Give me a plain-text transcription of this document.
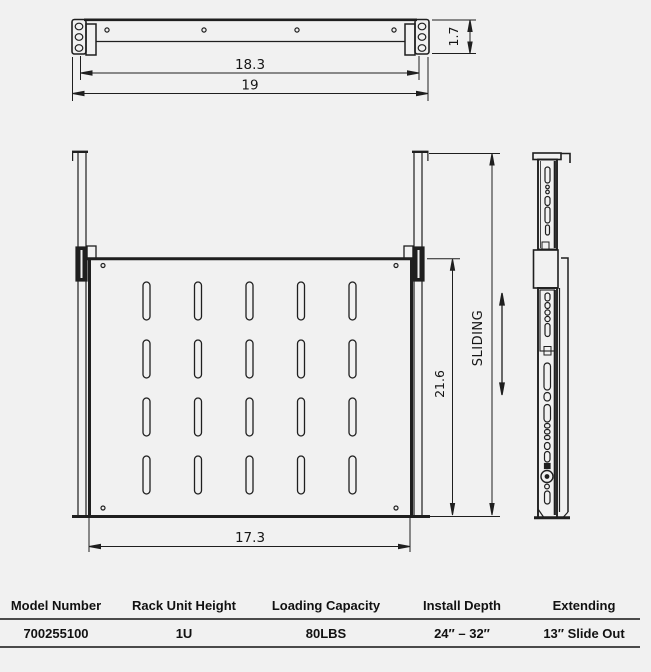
18.3
19
1.7
21.6
SLIDING
17.3
Model Number	Rack Unit Height	Loading Capacity	Install Depth	Extending
700255100	1U	80LBS	24″ – 32″	13″ Slide Out
